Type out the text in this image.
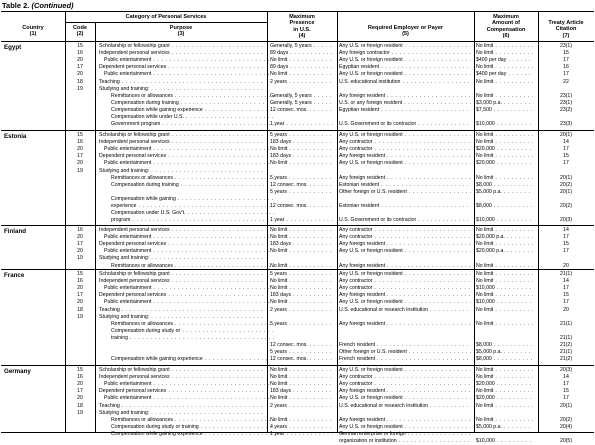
Table 2. (Continued)
Country
(1)
Category of Personal Services
Code
(2)
Purpose
(3)
Maximum
Presence
in U.S.
(4)
Required Employer or Payer
(5)
Maximum
Amount of
Compensation
(6)
Treaty Article
Citation
(7)
Egypt	15	Scholarship or fellowship grant . . .	Generally, 5 years . . .	Any U.S. or foreign resident . . .	No limit . . .	23(1)
16	Independent personal services . . .	89 days . . .	Any foreign contractor . . .	No limit . . .	15
20	Public entertainment . . .	No limit . . .	Any U.S. or foreign resident . . .	$400 per day . . .	17
17	Dependent personal services . . .	89 days . . .	Egyptian resident . . .	No limit . . .	16
20	Public entertainment . . .	No limit . . .	Any U.S. or foreign resident . . .	$400 per day . . .	17
18	Teaching . . .	2 years . . .	U.S. educational institution . . .	No limit . . .	22
19	Studying and training: . . .
Remittances or allowances . . .	Generally, 5 years . . .	Any foreign resident . . .	No limit . . .	23(1)
Compensation during training . . .	Generally, 5 years . . .	U.S. or any foreign resident . . .	$3,000 p.a. . . .	23(1)
Compensation while gaining experience . . .	12 consec. mos. . . .	Egyptian resident . . .	$7,500 . . .	23(2)
Compensation while under U.S. . . .
Government program . . .	1 year . . .	U.S. Government or its contractor . . .	$10,000 . . .	23(3)
Estonia	15	Scholarship or fellowship grant . . .	5 years . . .	Any U.S. or foreign resident . . .	No limit . . .	20(1)
16	Independent personal services . . .	183 days . . .	Any contractor . . .	No limit . . .	14
20	Public entertainment . . .	No limit . . .	Any contractor . . .	$20,000 . . .	17
17	Dependent personal services . . .	183 days . . .	Any foreign resident . . .	No limit . . .	15
20	Public entertainment . . .	No limit . . .	Any U.S. or foreign resident . . .	$20,000 . . .	17
19	Studying and training: . . .
Remittances or allowances . . .	5 years . . .	Any foreign resident . . .	No limit . . .	20(1)
Compensation during training . . .	12 consec. mos. . . .	Estonian resident . . .	$8,000 . . .	20(2)
5 years . . .	Other foreign or U.S. resident . . .	$5,000 p.a. . . .	20(1)
Compensation while gaining . . .
experience . . .	12 consec. mos. . . .	Estonian resident . . .	$8,000 . . .	20(2)
Compensation under U.S. Gov't. . . .
program . . .	1 year . . .	U.S. Government or its contractor . . .	$10,000 . . .	20(3)
Finland	16	Independent personal services . . .	No limit . . .	Any contractor . . .	No limit . . .	14
20	Public entertainment . . .	No limit . . .	Any contractor . . .	$20,000 p.a. . . .	17
17	Dependent personal services . . .	183 days . . .	Any foreign resident . . .	No limit . . .	15
20	Public entertainment . . .	No limit . . .	Any U.S. or foreign resident . . .	$20,000 p.a. . . .	17
19	Studying and training: . . .
Remittances or allowances . . .	No limit . . .	Any foreign resident . . .	No limit . . .	20
France	15	Scholarship or fellowship grant . . .	5 years . . .	Any U.S. or foreign resident . . .	No limit . . .	21(1)
16	Independent personal services . . .	No limit . . .	Any contractor . . .	No limit . . .	14
20	Public entertainment . . .	No limit . . .	Any contractor . . .	$10,000 . . .	17
17	Dependent personal services . . .	183 days . . .	Any foreign resident . . .	No limit . . .	15
20	Public entertainment . . .	No limit . . .	Any U.S. or foreign resident . . .	$10,000 . . .	17
18	Teaching . . .	2 years . . .	U.S. educational or research institution . . .	No limit . . .	20
19	Studying and training: . . .
Remittances or allowances . . .	5 years . . .	Any foreign resident . . .	No limit . . .	21(1)
Compensation during study or . . .
training . . .	21(1)
12 consec. mos. . . .	French resident . . .	$8,000 . . .	21(2)
5 years . . .	Other foreign or U.S. resident . . .	$5,000 p.a. . . .	21(1)
Compensation while gaining experience . . .	12 consec. mos. . . .	French resident . . .	$8,000 . . .	21(2)
Germany	15	Scholarship or fellowship grant . . .	No limit . . .	Any U.S. or foreign resident . . .	No limit . . .	20(3)
16	Independent personal services . . .	No limit . . .	Any contractor . . .	No limit . . .	14
20	Public entertainment . . .	No limit . . .	Any contractor . . .	$20,000 . . .	17
17	Dependent personal services . . .	183 days . . .	Any foreign resident . . .	No limit . . .	15
20	Public entertainment . . .	No limit . . .	Any U.S. or foreign resident . . .	$20,000 . . .	17
18	Teaching . . .	2 years . . .	U.S. educational or research institution . . .	No limit . . .	20(1)
19	Studying and training: . . .
Remittances or allowances . . .	No limit . . .	Any foreign resident . . .	No limit . . .	20(2)
Compensation during study or training . . .	4 years . . .	Any U.S. or foreign resident . . .	$5,000 p.a. . . .	20(4)
Compensation while gaining experience . . .	1 year . . .	German enterprise or foreign . . .
organization or institution . . .	$10,000 . . .	20(5)
